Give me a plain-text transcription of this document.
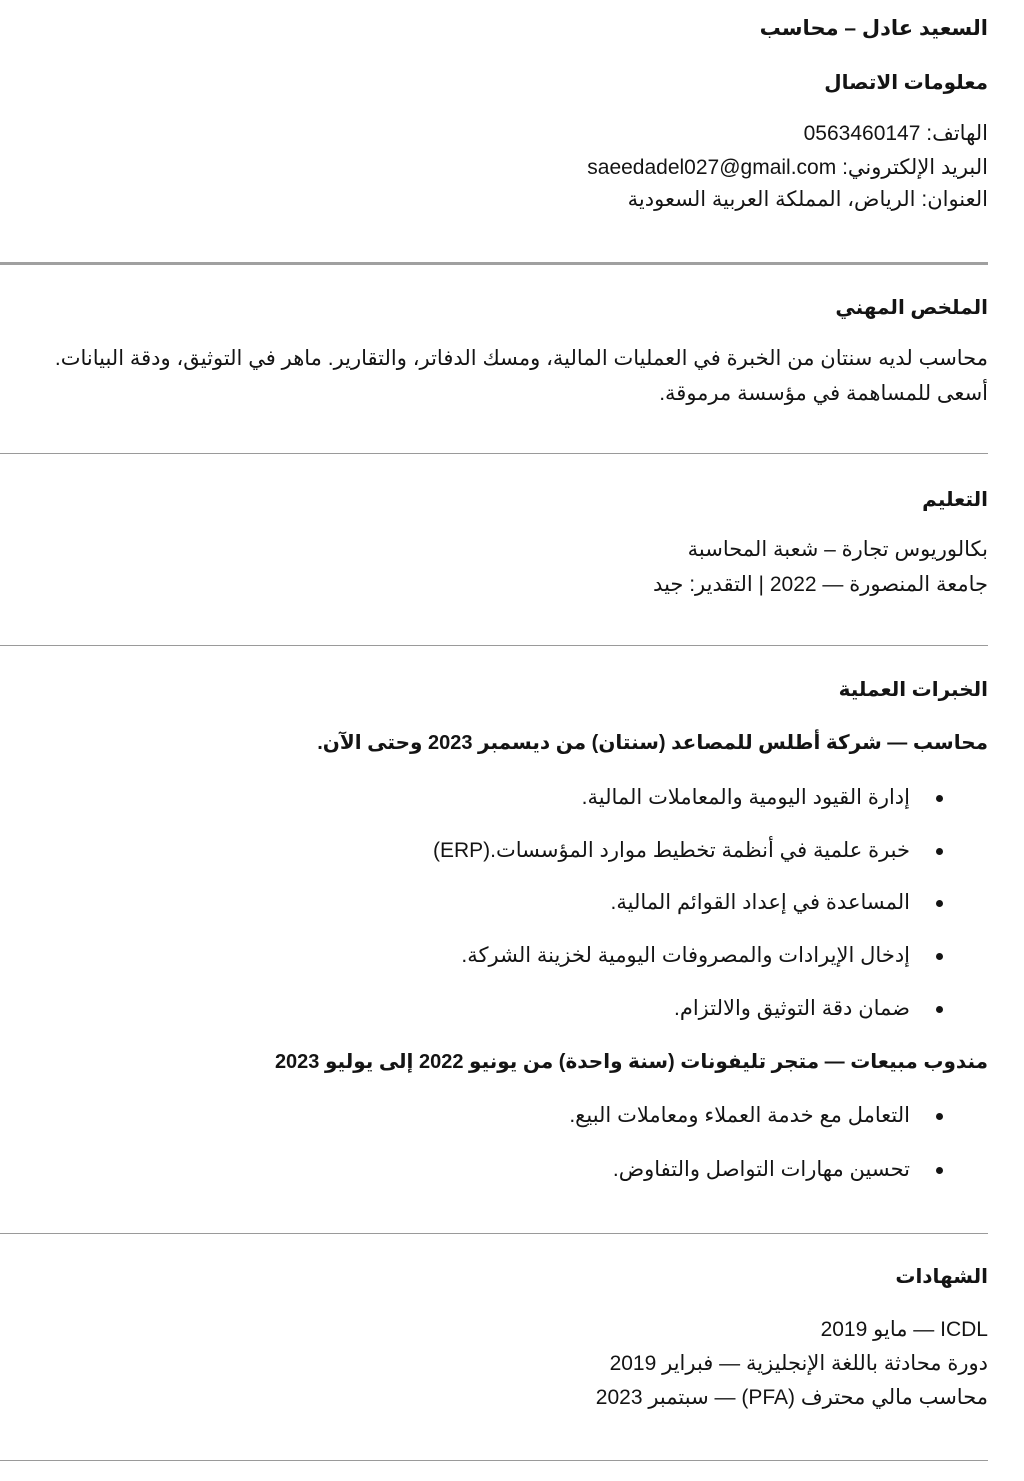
السعيد عادل – محاسب
معلومات الاتصال
الهاتف: 0563460147
البريد الإلكتروني: saeedadel027@gmail.com
العنوان: الرياض، المملكة العربية السعودية
الملخص المهني
محاسب لديه سنتان من الخبرة في العمليات المالية، ومسك الدفاتر، والتقارير. ماهر في التوثيق، ودقة البيانات.
أسعى للمساهمة في مؤسسة مرموقة.
التعليم
بكالوريوس تجارة – شعبة المحاسبة
جامعة المنصورة — 2022 | التقدير: جيد
الخبرات العملية
محاسب — شركة أطلس للمصاعد (سنتان) من ديسمبر 2023 وحتى الآن.
إدارة القيود اليومية والمعاملات المالية.
خبرة علمية في أنظمة تخطيط موارد المؤسسات.(ERP)
المساعدة في إعداد القوائم المالية.
إدخال الإيرادات والمصروفات اليومية لخزينة الشركة.
ضمان دقة التوثيق والالتزام.
مندوب مبيعات — متجر تليفونات (سنة واحدة) من يونيو 2022 إلى يوليو 2023
التعامل مع خدمة العملاء ومعاملات البيع.
تحسين مهارات التواصل والتفاوض.
الشهادات
ICDL — مايو 2019
دورة محادثة باللغة الإنجليزية — فبراير 2019
محاسب مالي محترف (PFA) — سبتمبر 2023
